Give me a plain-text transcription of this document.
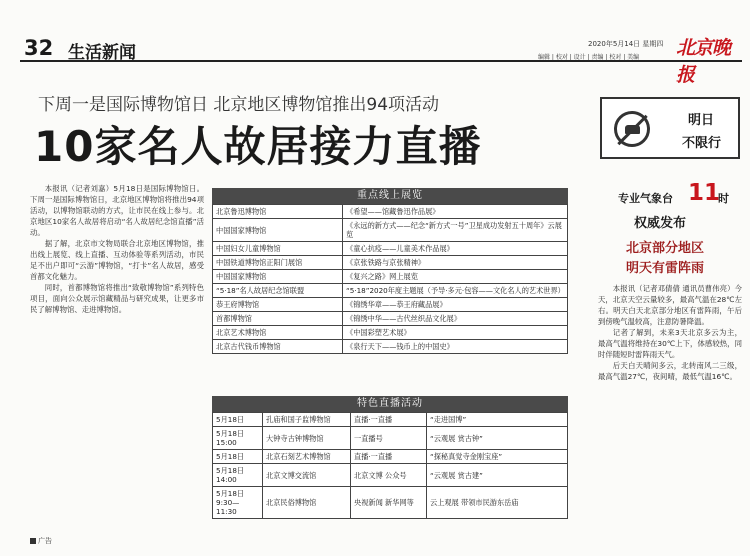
32 生活新闻	2020年5月14日 星期四
编辑 | 校对 | 设计 | 责编 | 校对 | 美编 北京晚报
下周一是国际博物馆日 北京地区博物馆推出94项活动
10家名人故居接力直播

本报讯（记者刘嘉）5月18日是国际博物馆日。下周一是国际博物馆日，北京地区博物馆将推出94项活动，以博物馆联动的方式，让市民在线上参与。北京地区10家名人故居将启动“名人故居纪念馆直播”活动。

据了解，北京市文物局联合北京地区博物馆，推出线上展览、线上直播、互动体验等系列活动，市民足不出户即可“云游”博物馆，“打卡”名人故居，感受首都文化魅力。

同时，首都博物馆将推出“致敬博物馆”系列特色项目，面向公众展示馆藏精品与研究成果，让更多市民了解博物馆、走进博物馆。

重点线上展览
北京鲁迅博物馆	《希望——馆藏鲁迅作品展》
中国国家博物馆	《永远的新方式——纪念“新方式一号”卫星成功发射五十周年》云展览
中国妇女儿童博物馆	《童心抗疫——儿童美术作品展》
中国铁道博物馆正阳门展馆	《京张铁路与京张精神》
中国国家博物馆	《复兴之路》网上展览
“5·18”名人故居纪念馆联盟	“5·18”2020年度主题展（予导·多元·包容——文化名人的艺术世界）
恭王府博物馆	《锦绣华章——恭王府藏品展》
首都博物馆	《锦绣中华——古代丝织品文化展》
北京艺术博物馆	《中国彩塑艺术展》
北京古代钱币博物馆	《泉行天下——钱币上的中国史》
特色直播活动
5月18日	孔庙和国子监博物馆	直播·一直播	“走进国博”
5月18日 15:00	大钟寺古钟博物馆	一直播号	“云观展 赏古钟”
5月18日	北京石刻艺术博物馆	直播·一直播	“探秘真觉寺金刚宝座”
5月18日 14:00	北京文博交流馆	北京文博 公众号	“云观展 赏古建”
5月18日 9:30—11:30	北京民俗博物馆	央视新闻 新华网等	云上观展 带领市民游东岳庙
明日
不限行
专业气象台 11
时
权威发布
北京部分地区
明天有雷阵雨

本报讯（记者邓倩倩 通讯员曹伟亮）今天，北京天空云量较多，最高气温在28℃左右。明天白天北京部分地区有雷阵雨，午后到傍晚气温较高，注意防暑降温。

记者了解到，未来3天北京多云为主，最高气温将维持在30℃上下，体感较热，同时伴随短时雷阵雨天气。

后天白天晴间多云，北转南风二三级，最高气温27℃，夜间晴，最低气温16℃。

广告
